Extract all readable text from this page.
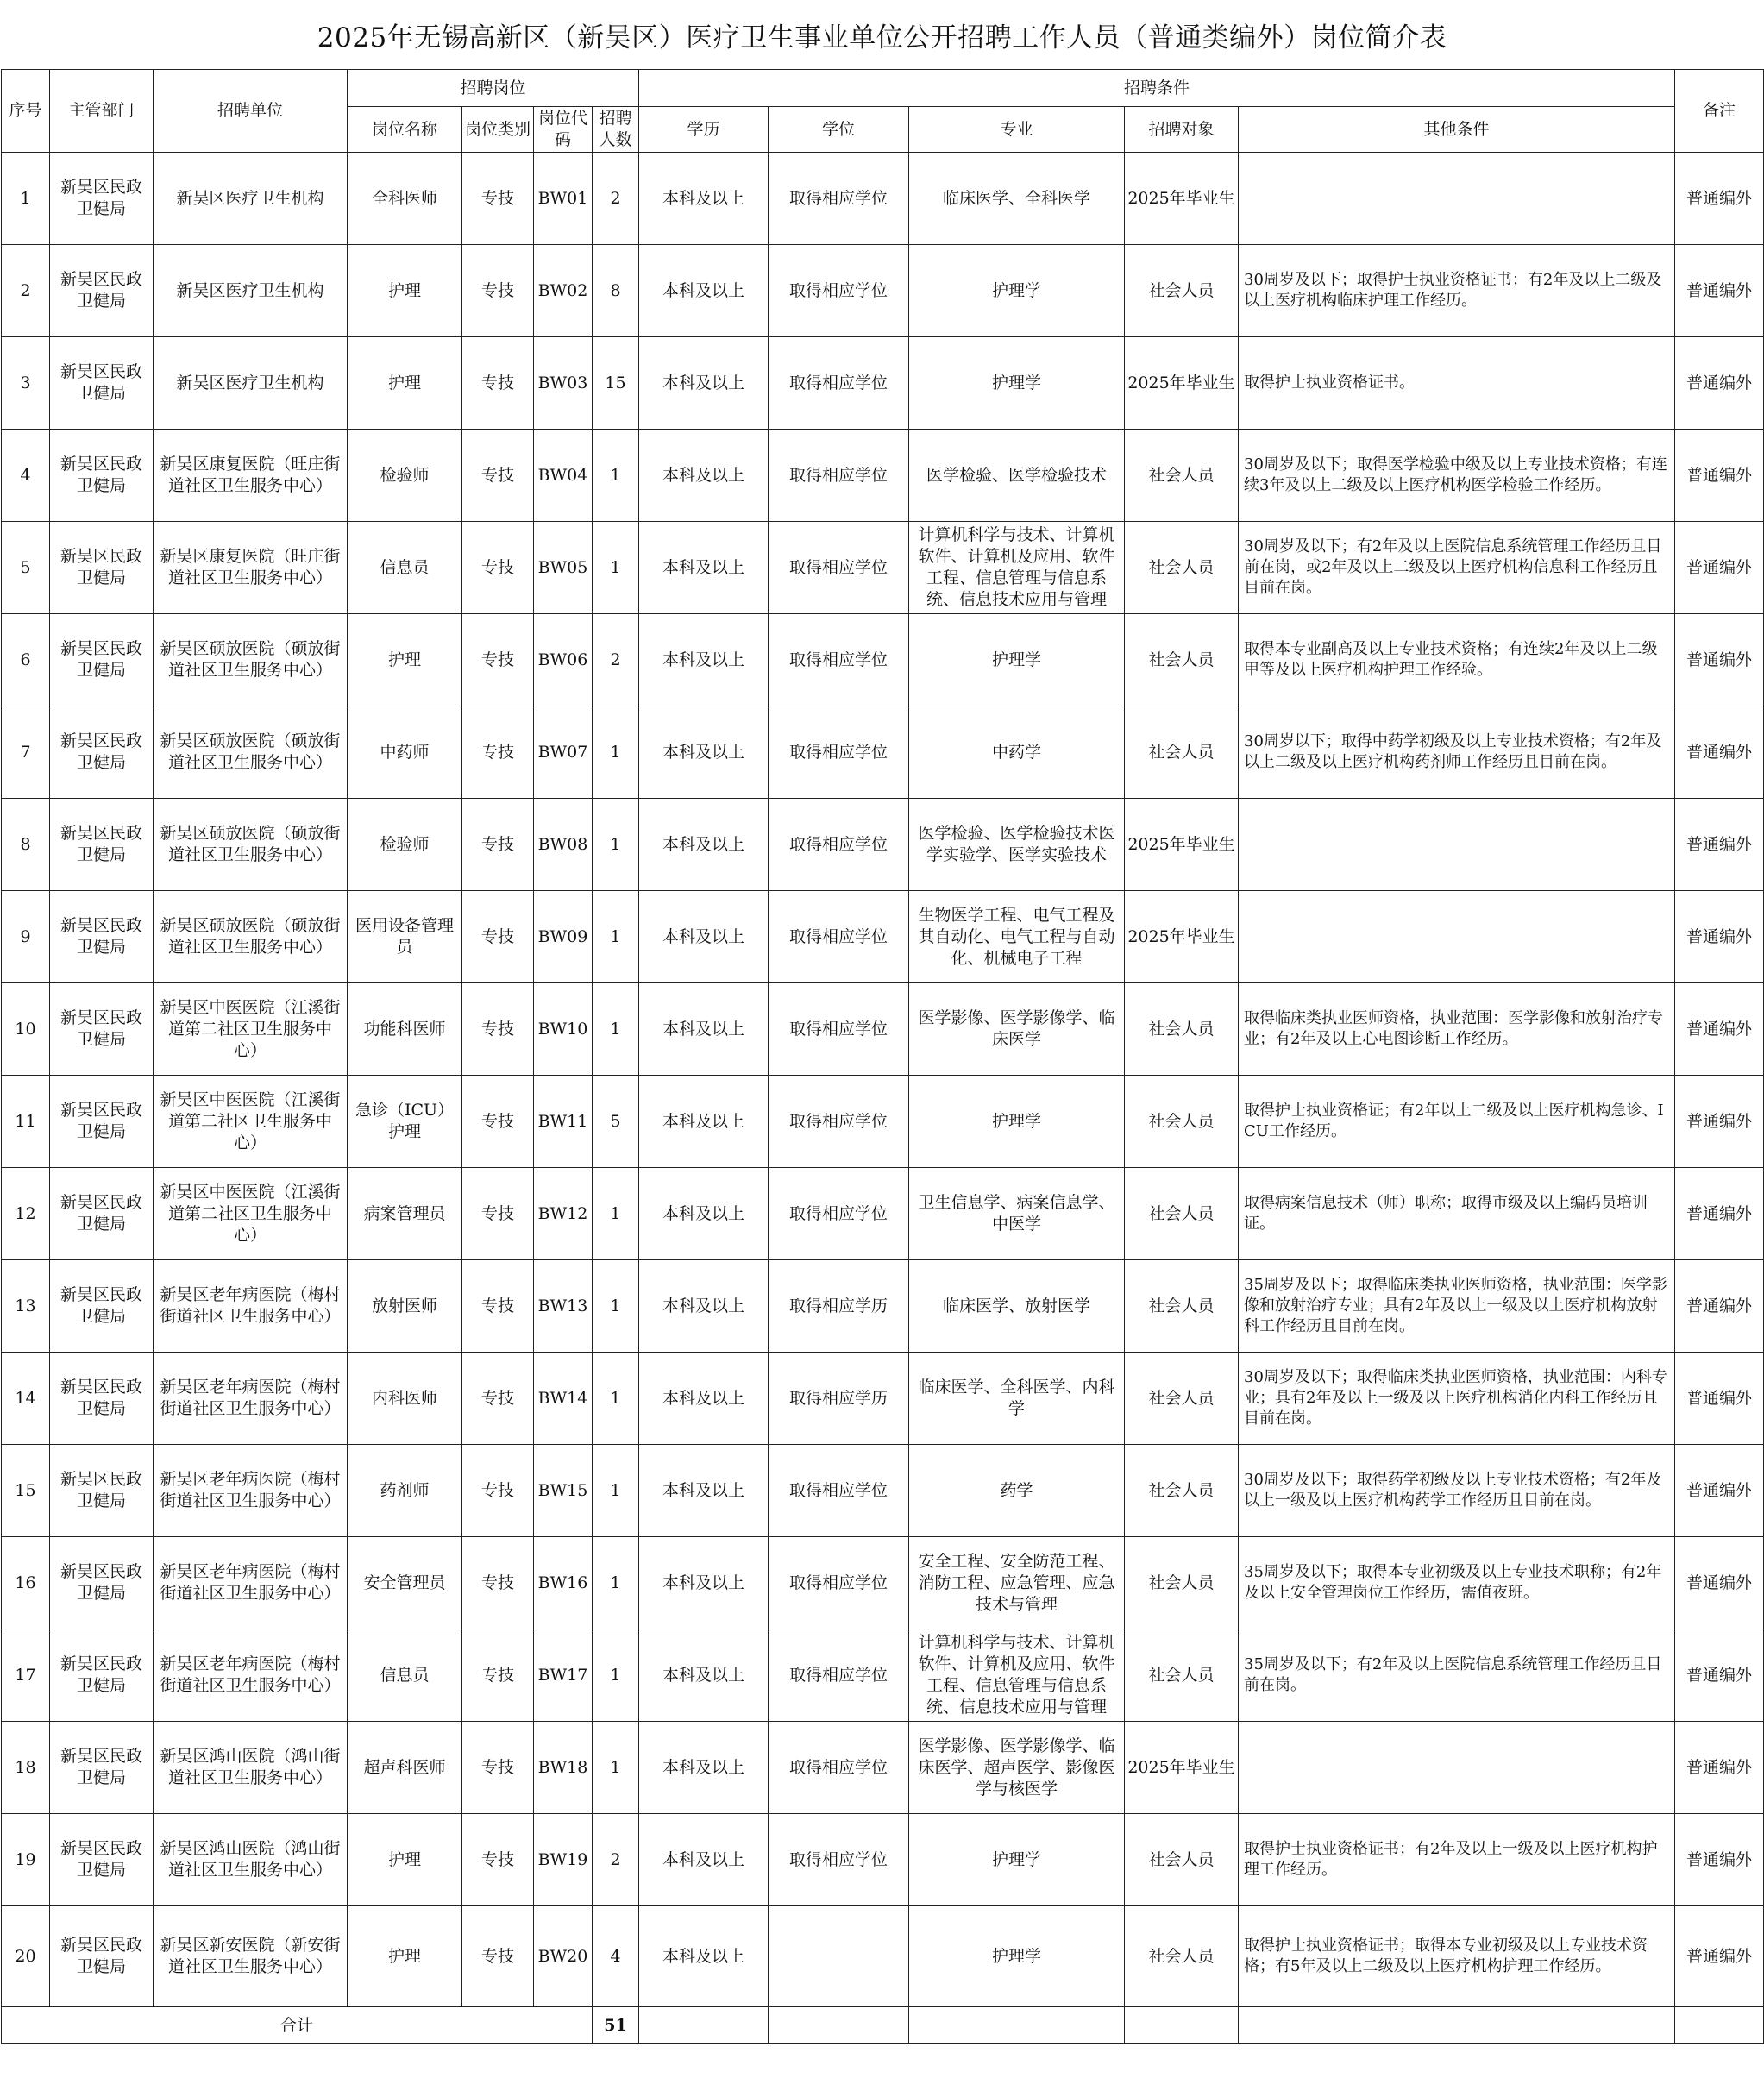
2025年无锡高新区（新吴区）医疗卫生事业单位公开招聘工作人员（普通类编外）岗位简介表
序号	主管部门	招聘单位	招聘岗位				招聘条件					备注
			岗位名称	岗位类别	岗位代码	招聘人数	学历	学位	专业	招聘对象	其他条件	
1	新吴区民政卫健局	新吴区医疗卫生机构	全科医师	专技	BW01	2	本科及以上	取得相应学位	临床医学、全科医学	2025年毕业生		普通编外
2	新吴区民政卫健局	新吴区医疗卫生机构	护理	专技	BW02	8	本科及以上	取得相应学位	护理学	社会人员	30周岁及以下；取得护士执业资格证书；有2年及以上二级及以上医疗机构临床护理工作经历。	普通编外
3	新吴区民政卫健局	新吴区医疗卫生机构	护理	专技	BW03	15	本科及以上	取得相应学位	护理学	2025年毕业生	取得护士执业资格证书。	普通编外
4	新吴区民政卫健局	新吴区康复医院（旺庄街道社区卫生服务中心）	检验师	专技	BW04	1	本科及以上	取得相应学位	医学检验、医学检验技术	社会人员	30周岁及以下；取得医学检验中级及以上专业技术资格；有连续3年及以上二级及以上医疗机构医学检验工作经历。	普通编外
5	新吴区民政卫健局	新吴区康复医院（旺庄街道社区卫生服务中心）	信息员	专技	BW05	1	本科及以上	取得相应学位	计算机科学与技术、计算机软件、计算机及应用、软件工程、信息管理与信息系统、信息技术应用与管理	社会人员	30周岁及以下；有2年及以上医院信息系统管理工作经历且目前在岗，或2年及以上二级及以上医疗机构信息科工作经历且目前在岗。	普通编外
6	新吴区民政卫健局	新吴区硕放医院（硕放街道社区卫生服务中心）	护理	专技	BW06	2	本科及以上	取得相应学位	护理学	社会人员	取得本专业副高及以上专业技术资格；有连续2年及以上二级甲等及以上医疗机构护理工作经验。	普通编外
7	新吴区民政卫健局	新吴区硕放医院（硕放街道社区卫生服务中心）	中药师	专技	BW07	1	本科及以上	取得相应学位	中药学	社会人员	30周岁以下；取得中药学初级及以上专业技术资格；有2年及以上二级及以上医疗机构药剂师工作经历且目前在岗。	普通编外
8	新吴区民政卫健局	新吴区硕放医院（硕放街道社区卫生服务中心）	检验师	专技	BW08	1	本科及以上	取得相应学位	医学检验、医学检验技术医学实验学、医学实验技术	2025年毕业生		普通编外
9	新吴区民政卫健局	新吴区硕放医院（硕放街道社区卫生服务中心）	医用设备管理员	专技	BW09	1	本科及以上	取得相应学位	生物医学工程、电气工程及其自动化、电气工程与自动化、机械电子工程	2025年毕业生		普通编外
10	新吴区民政卫健局	新吴区中医医院（江溪街道第二社区卫生服务中心）	功能科医师	专技	BW10	1	本科及以上	取得相应学位	医学影像、医学影像学、临床医学	社会人员	取得临床类执业医师资格，执业范围：医学影像和放射治疗专业；有2年及以上心电图诊断工作经历。	普通编外
11	新吴区民政卫健局	新吴区中医医院（江溪街道第二社区卫生服务中心）	急诊（ICU）护理	专技	BW11	5	本科及以上	取得相应学位	护理学	社会人员	取得护士执业资格证；有2年以上二级及以上医疗机构急诊、ICU工作经历。	普通编外
12	新吴区民政卫健局	新吴区中医医院（江溪街道第二社区卫生服务中心）	病案管理员	专技	BW12	1	本科及以上	取得相应学位	卫生信息学、病案信息学、中医学	社会人员	取得病案信息技术（师）职称；取得市级及以上编码员培训证。	普通编外
13	新吴区民政卫健局	新吴区老年病医院（梅村街道社区卫生服务中心）	放射医师	专技	BW13	1	本科及以上	取得相应学历	临床医学、放射医学	社会人员	35周岁及以下；取得临床类执业医师资格，执业范围：医学影像和放射治疗专业；具有2年及以上一级及以上医疗机构放射科工作经历且目前在岗。	普通编外
14	新吴区民政卫健局	新吴区老年病医院（梅村街道社区卫生服务中心）	内科医师	专技	BW14	1	本科及以上	取得相应学历	临床医学、全科医学、内科学	社会人员	30周岁及以下；取得临床类执业医师资格，执业范围：内科专业；具有2年及以上一级及以上医疗机构消化内科工作经历且目前在岗。	普通编外
15	新吴区民政卫健局	新吴区老年病医院（梅村街道社区卫生服务中心）	药剂师	专技	BW15	1	本科及以上	取得相应学位	药学	社会人员	30周岁及以下；取得药学初级及以上专业技术资格；有2年及以上一级及以上医疗机构药学工作经历且目前在岗。	普通编外
16	新吴区民政卫健局	新吴区老年病医院（梅村街道社区卫生服务中心）	安全管理员	专技	BW16	1	本科及以上	取得相应学位	安全工程、安全防范工程、消防工程、应急管理、应急技术与管理	社会人员	35周岁及以下；取得本专业初级及以上专业技术职称；有2年及以上安全管理岗位工作经历，需值夜班。	普通编外
17	新吴区民政卫健局	新吴区老年病医院（梅村街道社区卫生服务中心）	信息员	专技	BW17	1	本科及以上	取得相应学位	计算机科学与技术、计算机软件、计算机及应用、软件工程、信息管理与信息系统、信息技术应用与管理	社会人员	35周岁及以下；有2年及以上医院信息系统管理工作经历且目前在岗。	普通编外
18	新吴区民政卫健局	新吴区鸿山医院（鸿山街道社区卫生服务中心）	超声科医师	专技	BW18	1	本科及以上	取得相应学位	医学影像、医学影像学、临床医学、超声医学、影像医学与核医学	2025年毕业生		普通编外
19	新吴区民政卫健局	新吴区鸿山医院（鸿山街道社区卫生服务中心）	护理	专技	BW19	2	本科及以上	取得相应学位	护理学	社会人员	取得护士执业资格证书；有2年及以上一级及以上医疗机构护理工作经历。	普通编外
20	新吴区民政卫健局	新吴区新安医院（新安街道社区卫生服务中心）	护理	专技	BW20	4	本科及以上		护理学	社会人员	取得护士执业资格证书；取得本专业初级及以上专业技术资格；有5年及以上二级及以上医疗机构护理工作经历。	普通编外
合计						51						
